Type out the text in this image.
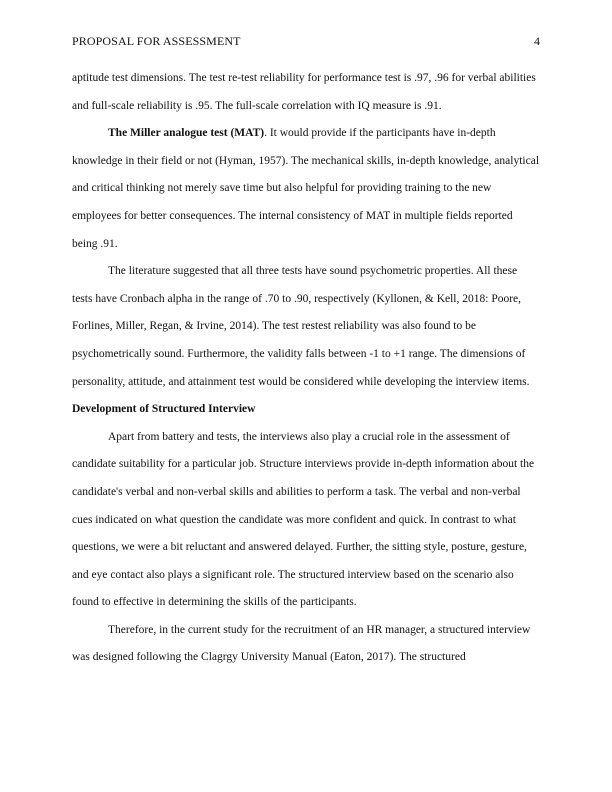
PROPOSAL FOR ASSESSMENT	4

aptitude test dimensions. The test re-test reliability for performance test is .97, .96 for verbal abilities and full-scale reliability is .95. The full-scale correlation with IQ measure is .91.

The Miller analogue test (MAT). It would provide if the participants have in-depth knowledge in their field or not (Hyman, 1957). The mechanical skills, in-depth knowledge, analytical and critical thinking not merely save time but also helpful for providing training to the new employees for better consequences. The internal consistency of MAT in multiple fields reported being .91.

The literature suggested that all three tests have sound psychometric properties. All these tests have Cronbach alpha in the range of .70 to .90, respectively (Kyllonen, & Kell, 2018: Poore, Forlines, Miller, Regan, & Irvine, 2014). The test restest reliability was also found to be psychometrically sound. Furthermore, the validity falls between -1 to +1 range. The dimensions of personality, attitude, and attainment test would be considered while developing the interview items.

Development of Structured Interview

Apart from battery and tests, the interviews also play a crucial role in the assessment of candidate suitability for a particular job. Structure interviews provide in-depth information about the candidate's verbal and non-verbal skills and abilities to perform a task. The verbal and non-verbal cues indicated on what question the candidate was more confident and quick. In contrast to what questions, we were a bit reluctant and answered delayed. Further, the sitting style, posture, gesture, and eye contact also plays a significant role. The structured interview based on the scenario also found to effective in determining the skills of the participants.

Therefore, in the current study for the recruitment of an HR manager, a structured interview was designed following the Clagrgy University Manual (Eaton, 2017). The structured
